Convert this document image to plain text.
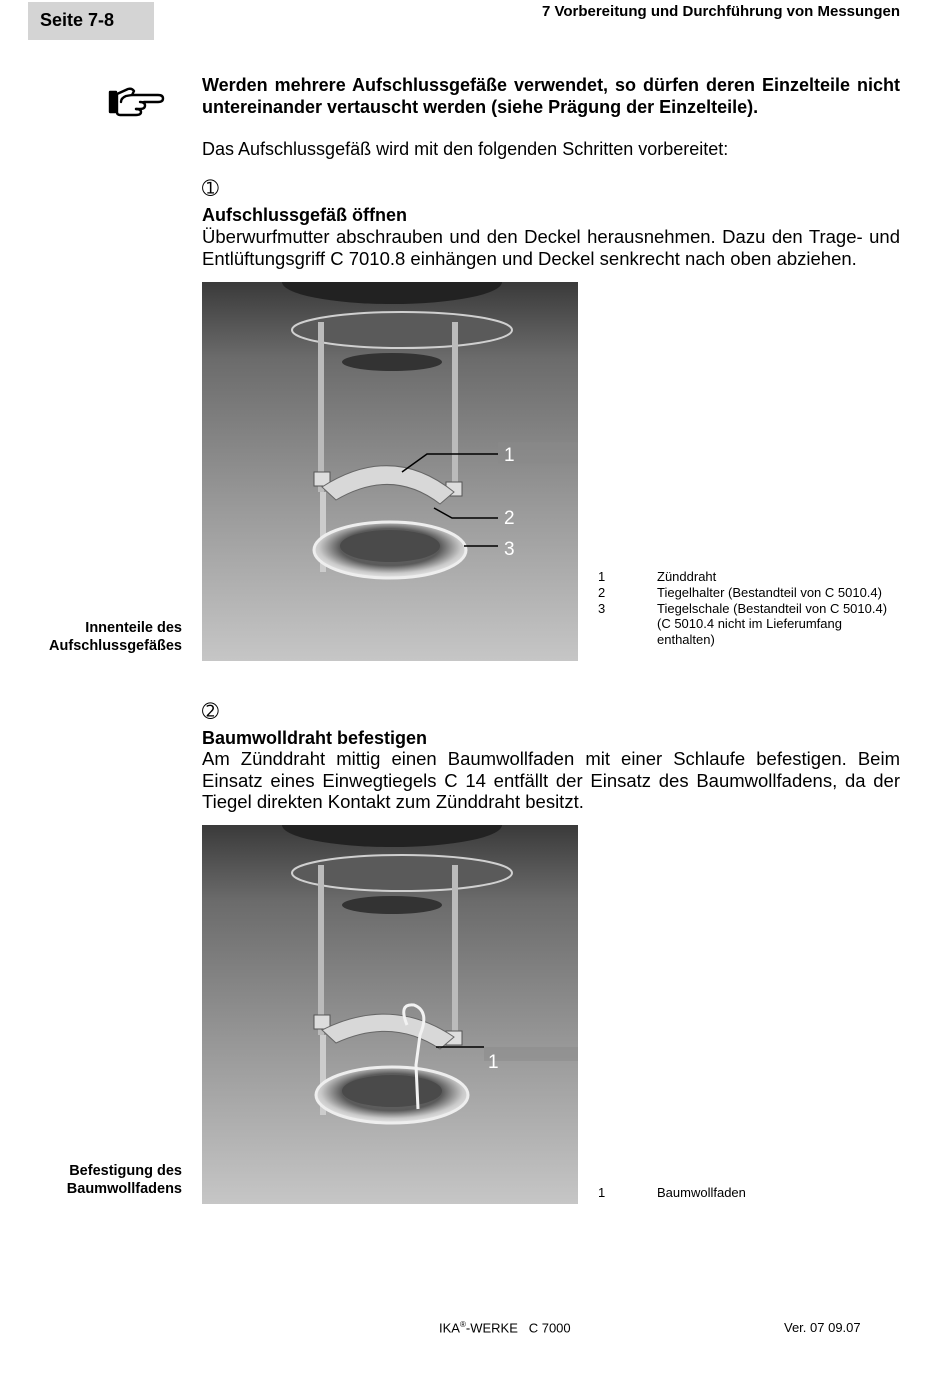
Seite 7-8	7 Vorbereitung und Durchführung von Messungen
Werden mehrere Aufschlussgefäße verwendet, so dürfen deren Einzelteile nicht untereinander vertauscht werden (siehe Prägung der Einzelteile).
Das Aufschlussgefäß wird mit den folgenden Schritten vorbereitet:
➀
Aufschlussgefäß öffnen
Überwurfmutter abschrauben und den Deckel herausnehmen. Dazu den Trage- und Entlüftungsgriff C 7010.8 einhängen und Deckel senkrecht nach oben abziehen.
1
2
3
Innenteile des
Aufschlussgefäßes
1	Zünddraht
2	Tiegelhalter (Bestandteil von C 5010.4)
3	Tiegelschale (Bestandteil von C 5010.4)
(C 5010.4 nicht im Lieferumfang
enthalten)
➁
Baumwolldraht befestigen
Am Zünddraht mittig einen Baumwollfaden mit einer Schlaufe befestigen. Beim Einsatz eines Einwegtiegels C 14 entfällt der Einsatz des Baumwollfadens, da der Tiegel direkten Kontakt zum Zünddraht besitzt.
1
Befestigung des
Baumwollfadens	1	Baumwollfaden
IKA®-WERKE   C 7000	Ver. 07 09.07
